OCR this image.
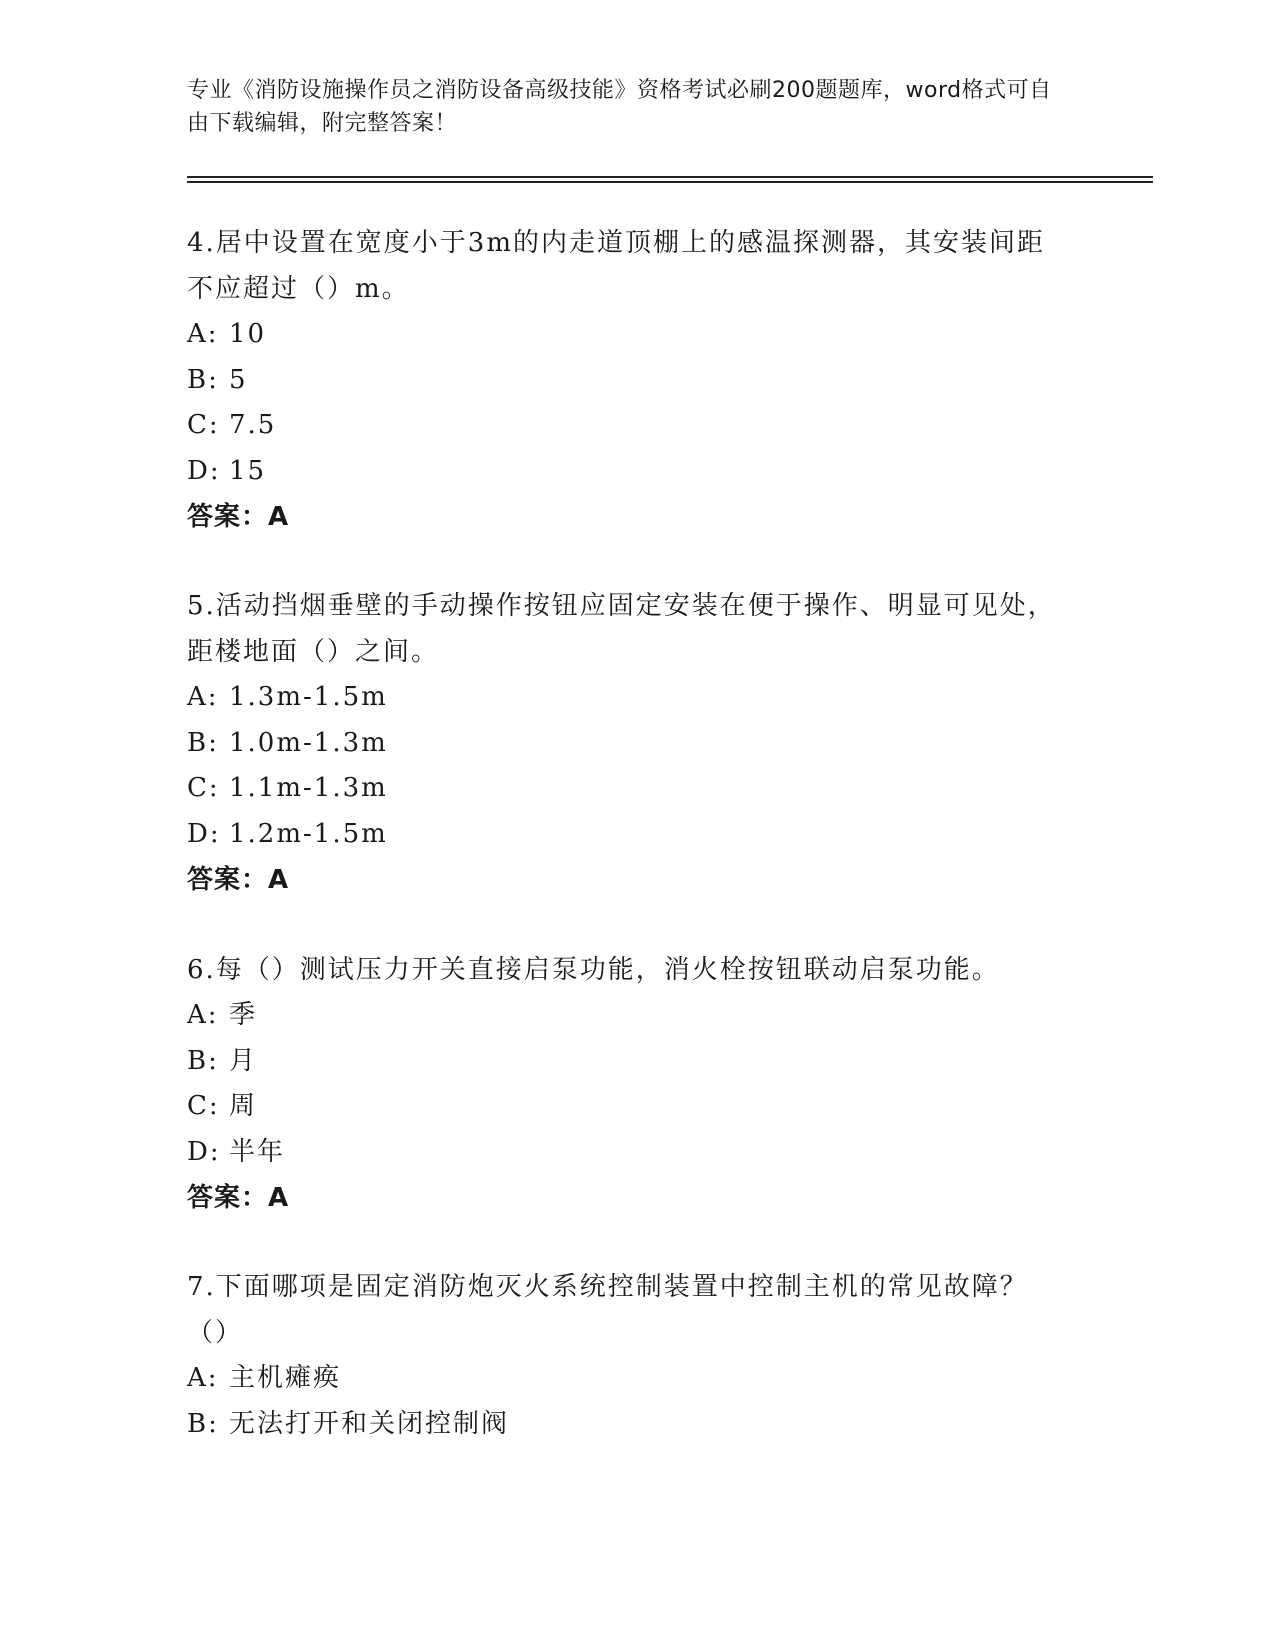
专业《消防设施操作员之消防设备高级技能》资格考试必刷200题题库，word格式可自由下载编辑，附完整答案！

4.居中设置在宽度小于3m的内走道顶棚上的感温探测器，其安装间距不应超过（）m。

A: 10

B: 5

C: 7.5

D: 15

答案：A

5.活动挡烟垂壁的手动操作按钮应固定安装在便于操作、明显可见处，距楼地面（）之间。

A: 1.3m-1.5m

B: 1.0m-1.3m

C: 1.1m-1.3m

D: 1.2m-1.5m

答案：A

6.每（）测试压力开关直接启泵功能，消火栓按钮联动启泵功能。

A: 季

B: 月

C: 周

D: 半年

答案：A

7.下面哪项是固定消防炮灭火系统控制装置中控制主机的常见故障？（）

A: 主机瘫痪

B: 无法打开和关闭控制阀
